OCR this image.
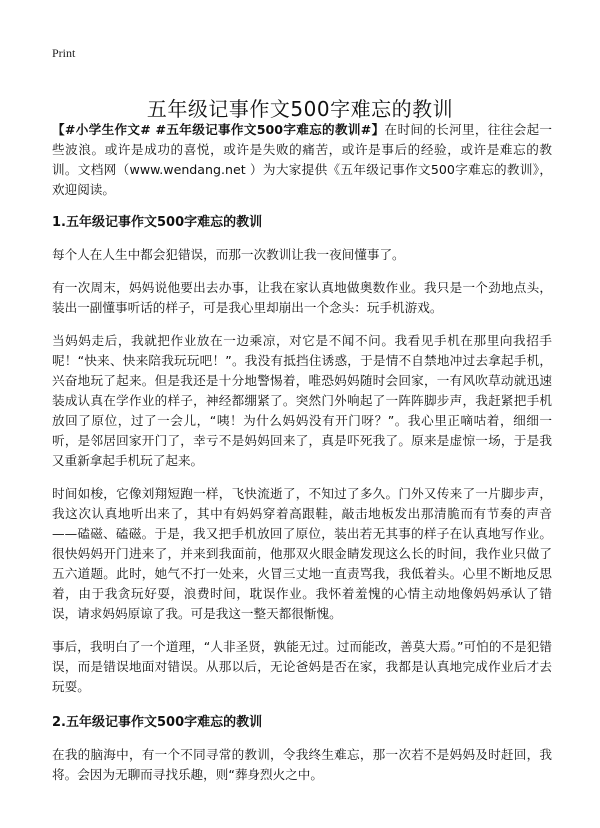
Print
五年级记事作文500字难忘的教训

【#小学生作文# #五年级记事作文500字难忘的教训#】在时间的长河里，往往会起一些波浪。或许是成功的喜悦，或许是失败的痛苦，或许是事后的经验，或许是难忘的教训。文档网（www.wendang.net ）为大家提供《五年级记事作文500字难忘的教训》，欢迎阅读。

1.五年级记事作文500字难忘的教训

每个人在人生中都会犯错误，而那一次教训让我一夜间懂事了。

有一次周末，妈妈说他要出去办事，让我在家认真地做奥数作业。我只是一个劲地点头，装出一副懂事听话的样子，可是我心里却崩出一个念头：玩手机游戏。

当妈妈走后，我就把作业放在一边乘凉，对它是不闻不问。我看见手机在那里向我招手呢！“快来、快来陪我玩玩吧！”。我没有抵挡住诱惑，于是情不自禁地冲过去拿起手机，兴奋地玩了起来。但是我还是十分地警惕着，唯恐妈妈随时会回家，一有风吹草动就迅速装成认真在学作业的样子，神经都绷紧了。突然门外响起了一阵阵脚步声，我赶紧把手机放回了原位，过了一会儿，“咦！为什么妈妈没有开门呀？”。我心里正嘀咕着，细细一听，是邻居回家开门了，幸亏不是妈妈回来了，真是吓死我了。原来是虚惊一场，于是我又重新拿起手机玩了起来。

时间如梭，它像刘翔短跑一样，飞快流逝了，不知过了多久。门外又传来了一片脚步声，我这次认真地听出来了，其中有妈妈穿着高跟鞋，敲击地板发出那清脆而有节奏的声音——磕磁、磕磁。于是，我又把手机放回了原位，装出若无其事的样子在认真地写作业。很快妈妈开门进来了，并来到我面前，他那双火眼金睛发现这么长的时间，我作业只做了五六道题。此时，她气不打一处来，火冒三丈地一直责骂我，我低着头。心里不断地反思着，由于我贪玩好耍，浪费时间，耽误作业。我怀着羞愧的心情主动地像妈妈承认了错误，请求妈妈原谅了我。可是我这一整天都很惭愧。

事后，我明白了一个道理，“人非圣贤，孰能无过。过而能改，善莫大焉。”可怕的不是犯错误，而是错误地面对错误。从那以后，无论爸妈是否在家，我都是认真地完成作业后才去玩耍。

2.五年级记事作文500字难忘的教训

在我的脑海中，有一个不同寻常的教训，令我终生难忘，那一次若不是妈妈及时赶回，我将。会因为无聊而寻找乐趣，则“葬身烈火之中。
